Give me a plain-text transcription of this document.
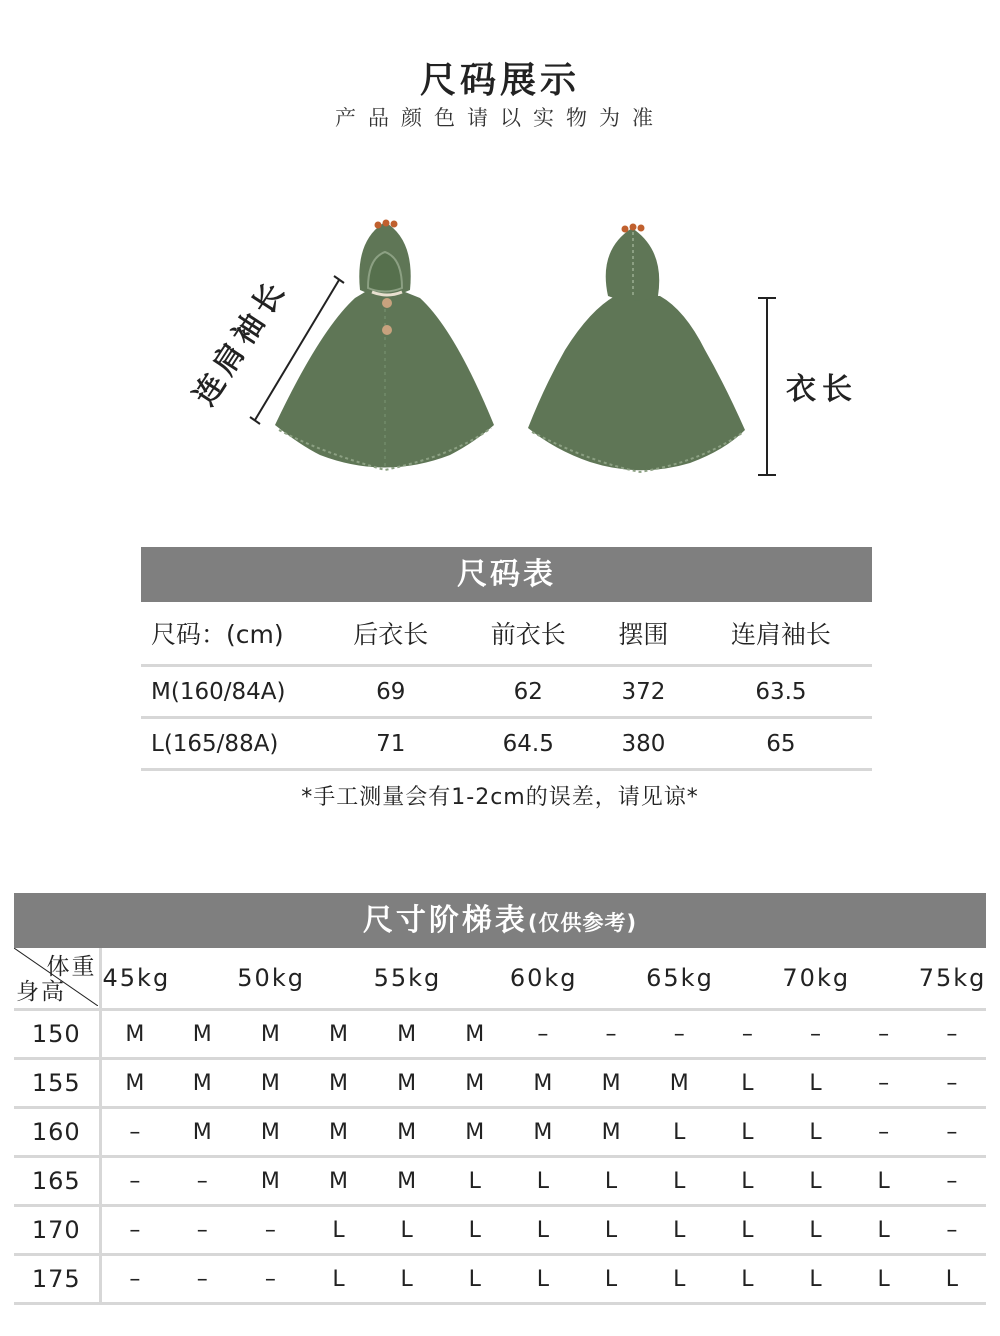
尺码展示
产品颜色请以实物为准
连肩袖长	衣长
尺码表
尺码：(cm)	后衣长	前衣长	摆围	连肩袖长
M(160/84A)	69	62	372	63.5
L(165/88A)	71	64.5	380	65
*手工测量会有1-2cm的误差，请见谅*
尺寸阶梯表(仅供参考)
体重
身高	45kg		50kg		55kg		60kg		65kg		70kg		75kg
150	M	M	M	M	M	M	–	–	–	–	–	–	–
155	M	M	M	M	M	M	M	M	M	L	L	–	–
160	–	M	M	M	M	M	M	M	L	L	L	–	–
165	–	–	M	M	M	L	L	L	L	L	L	L	–
170	–	–	–	L	L	L	L	L	L	L	L	L	–
175	–	–	–	L	L	L	L	L	L	L	L	L	L
